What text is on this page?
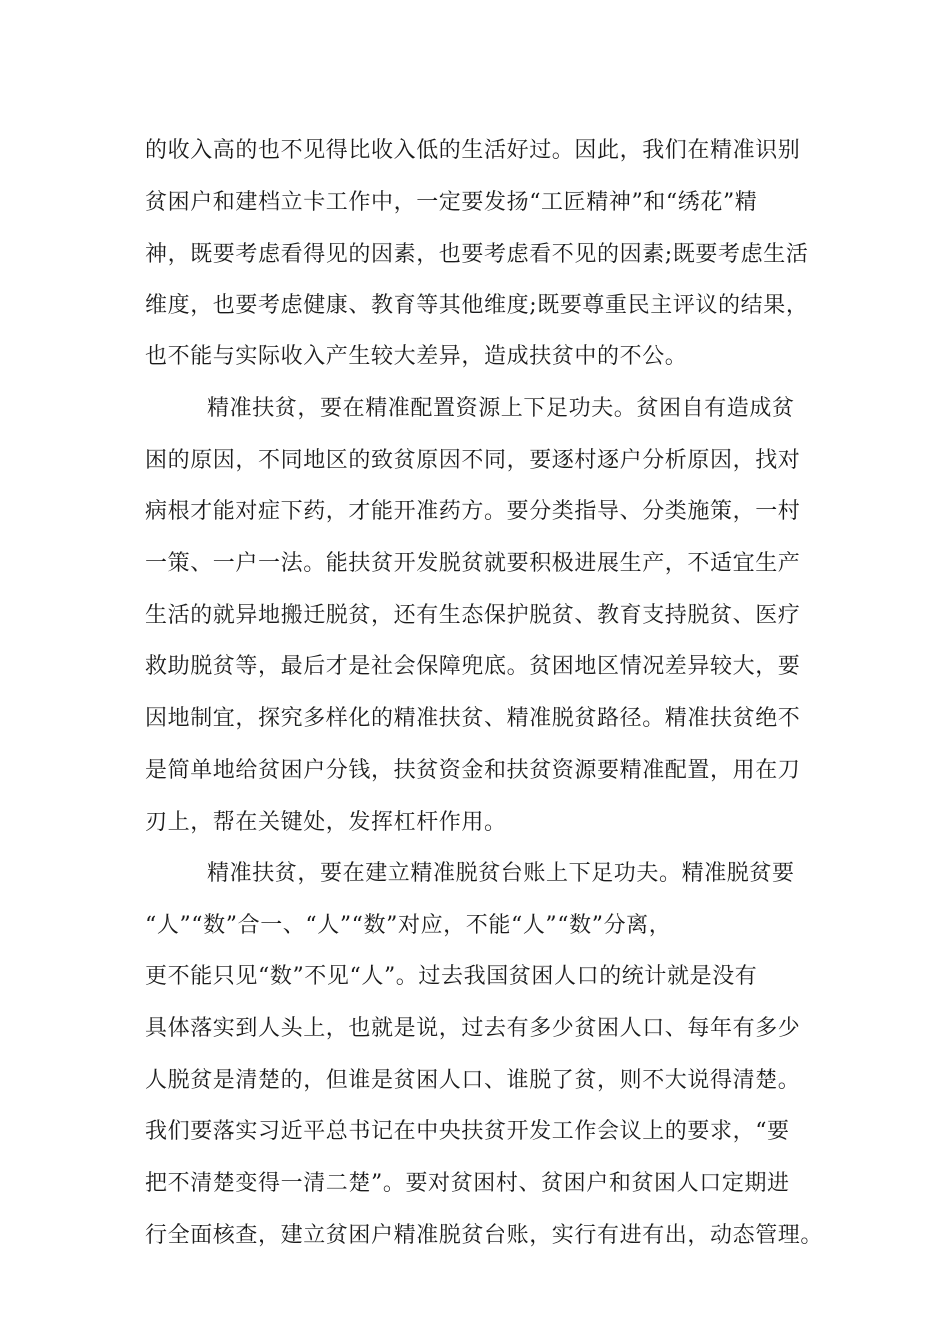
的收入高的也不见得比收入低的生活好过。因此，我们在精准识别

贫困户和建档立卡工作中，一定要发扬“工匠精神”和“绣花”精

神，既要考虑看得见的因素，也要考虑看不见的因素;既要考虑生活

维度，也要考虑健康、教育等其他维度;既要尊重民主评议的结果，

也不能与实际收入产生较大差异，造成扶贫中的不公。

精准扶贫，要在精准配置资源上下足功夫。贫困自有造成贫

困的原因，不同地区的致贫原因不同，要逐村逐户分析原因，找对

病根才能对症下药，才能开准药方。要分类指导、分类施策，一村

一策、一户一法。能扶贫开发脱贫就要积极进展生产，不适宜生产

生活的就异地搬迁脱贫，还有生态保护脱贫、教育支持脱贫、医疗

救助脱贫等，最后才是社会保障兜底。贫困地区情况差异较大，要

因地制宜，探究多样化的精准扶贫、精准脱贫路径。精准扶贫绝不

是简单地给贫困户分钱，扶贫资金和扶贫资源要精准配置，用在刀

刃上，帮在关键处，发挥杠杆作用。

精准扶贫，要在建立精准脱贫台账上下足功夫。精准脱贫要

“人”“数”合一、“人”“数”对应，不能“人”“数”分离，

更不能只见“数”不见“人”。过去我国贫困人口的统计就是没有

具体落实到人头上，也就是说，过去有多少贫困人口、每年有多少

人脱贫是清楚的，但谁是贫困人口、谁脱了贫，则不大说得清楚。

我们要落实习近平总书记在中央扶贫开发工作会议上的要求，“要

把不清楚变得一清二楚”。要对贫困村、贫困户和贫困人口定期进

行全面核查，建立贫困户精准脱贫台账，实行有进有出，动态管理。
